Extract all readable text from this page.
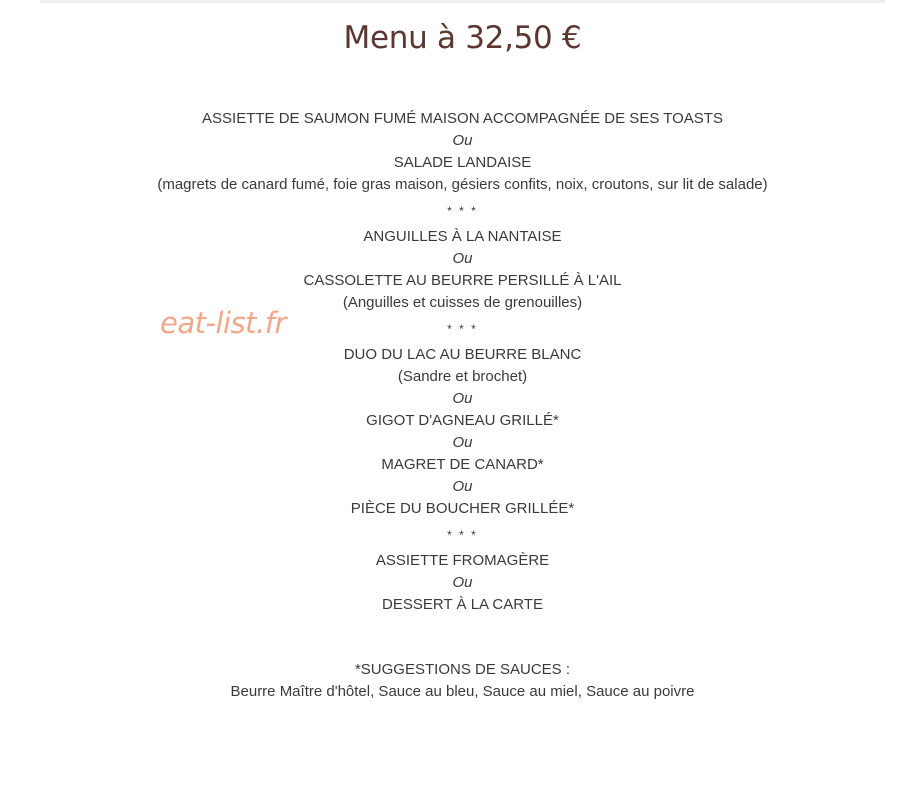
Menu à 32,50 €
eat-list.fr
ASSIETTE DE SAUMON FUMÉ MAISON ACCOMPAGNÉE DE SES TOASTS
Ou
SALADE LANDAISE
(magrets de canard fumé, foie gras maison, gésiers confits, noix, croutons, sur lit de salade)
* * *
ANGUILLES À LA NANTAISE
Ou
CASSOLETTE AU BEURRE PERSILLÉ À L'AIL
(Anguilles et cuisses de grenouilles)
* * *
DUO DU LAC AU BEURRE BLANC
(Sandre et brochet)
Ou
GIGOT D'AGNEAU GRILLÉ*
Ou
MAGRET DE CANARD*
Ou
PIÈCE DU BOUCHER GRILLÉE*
* * *
ASSIETTE FROMAGÈRE
Ou
DESSERT À LA CARTE
*SUGGESTIONS DE SAUCES :
Beurre Maître d'hôtel, Sauce au bleu, Sauce au miel, Sauce au poivre
